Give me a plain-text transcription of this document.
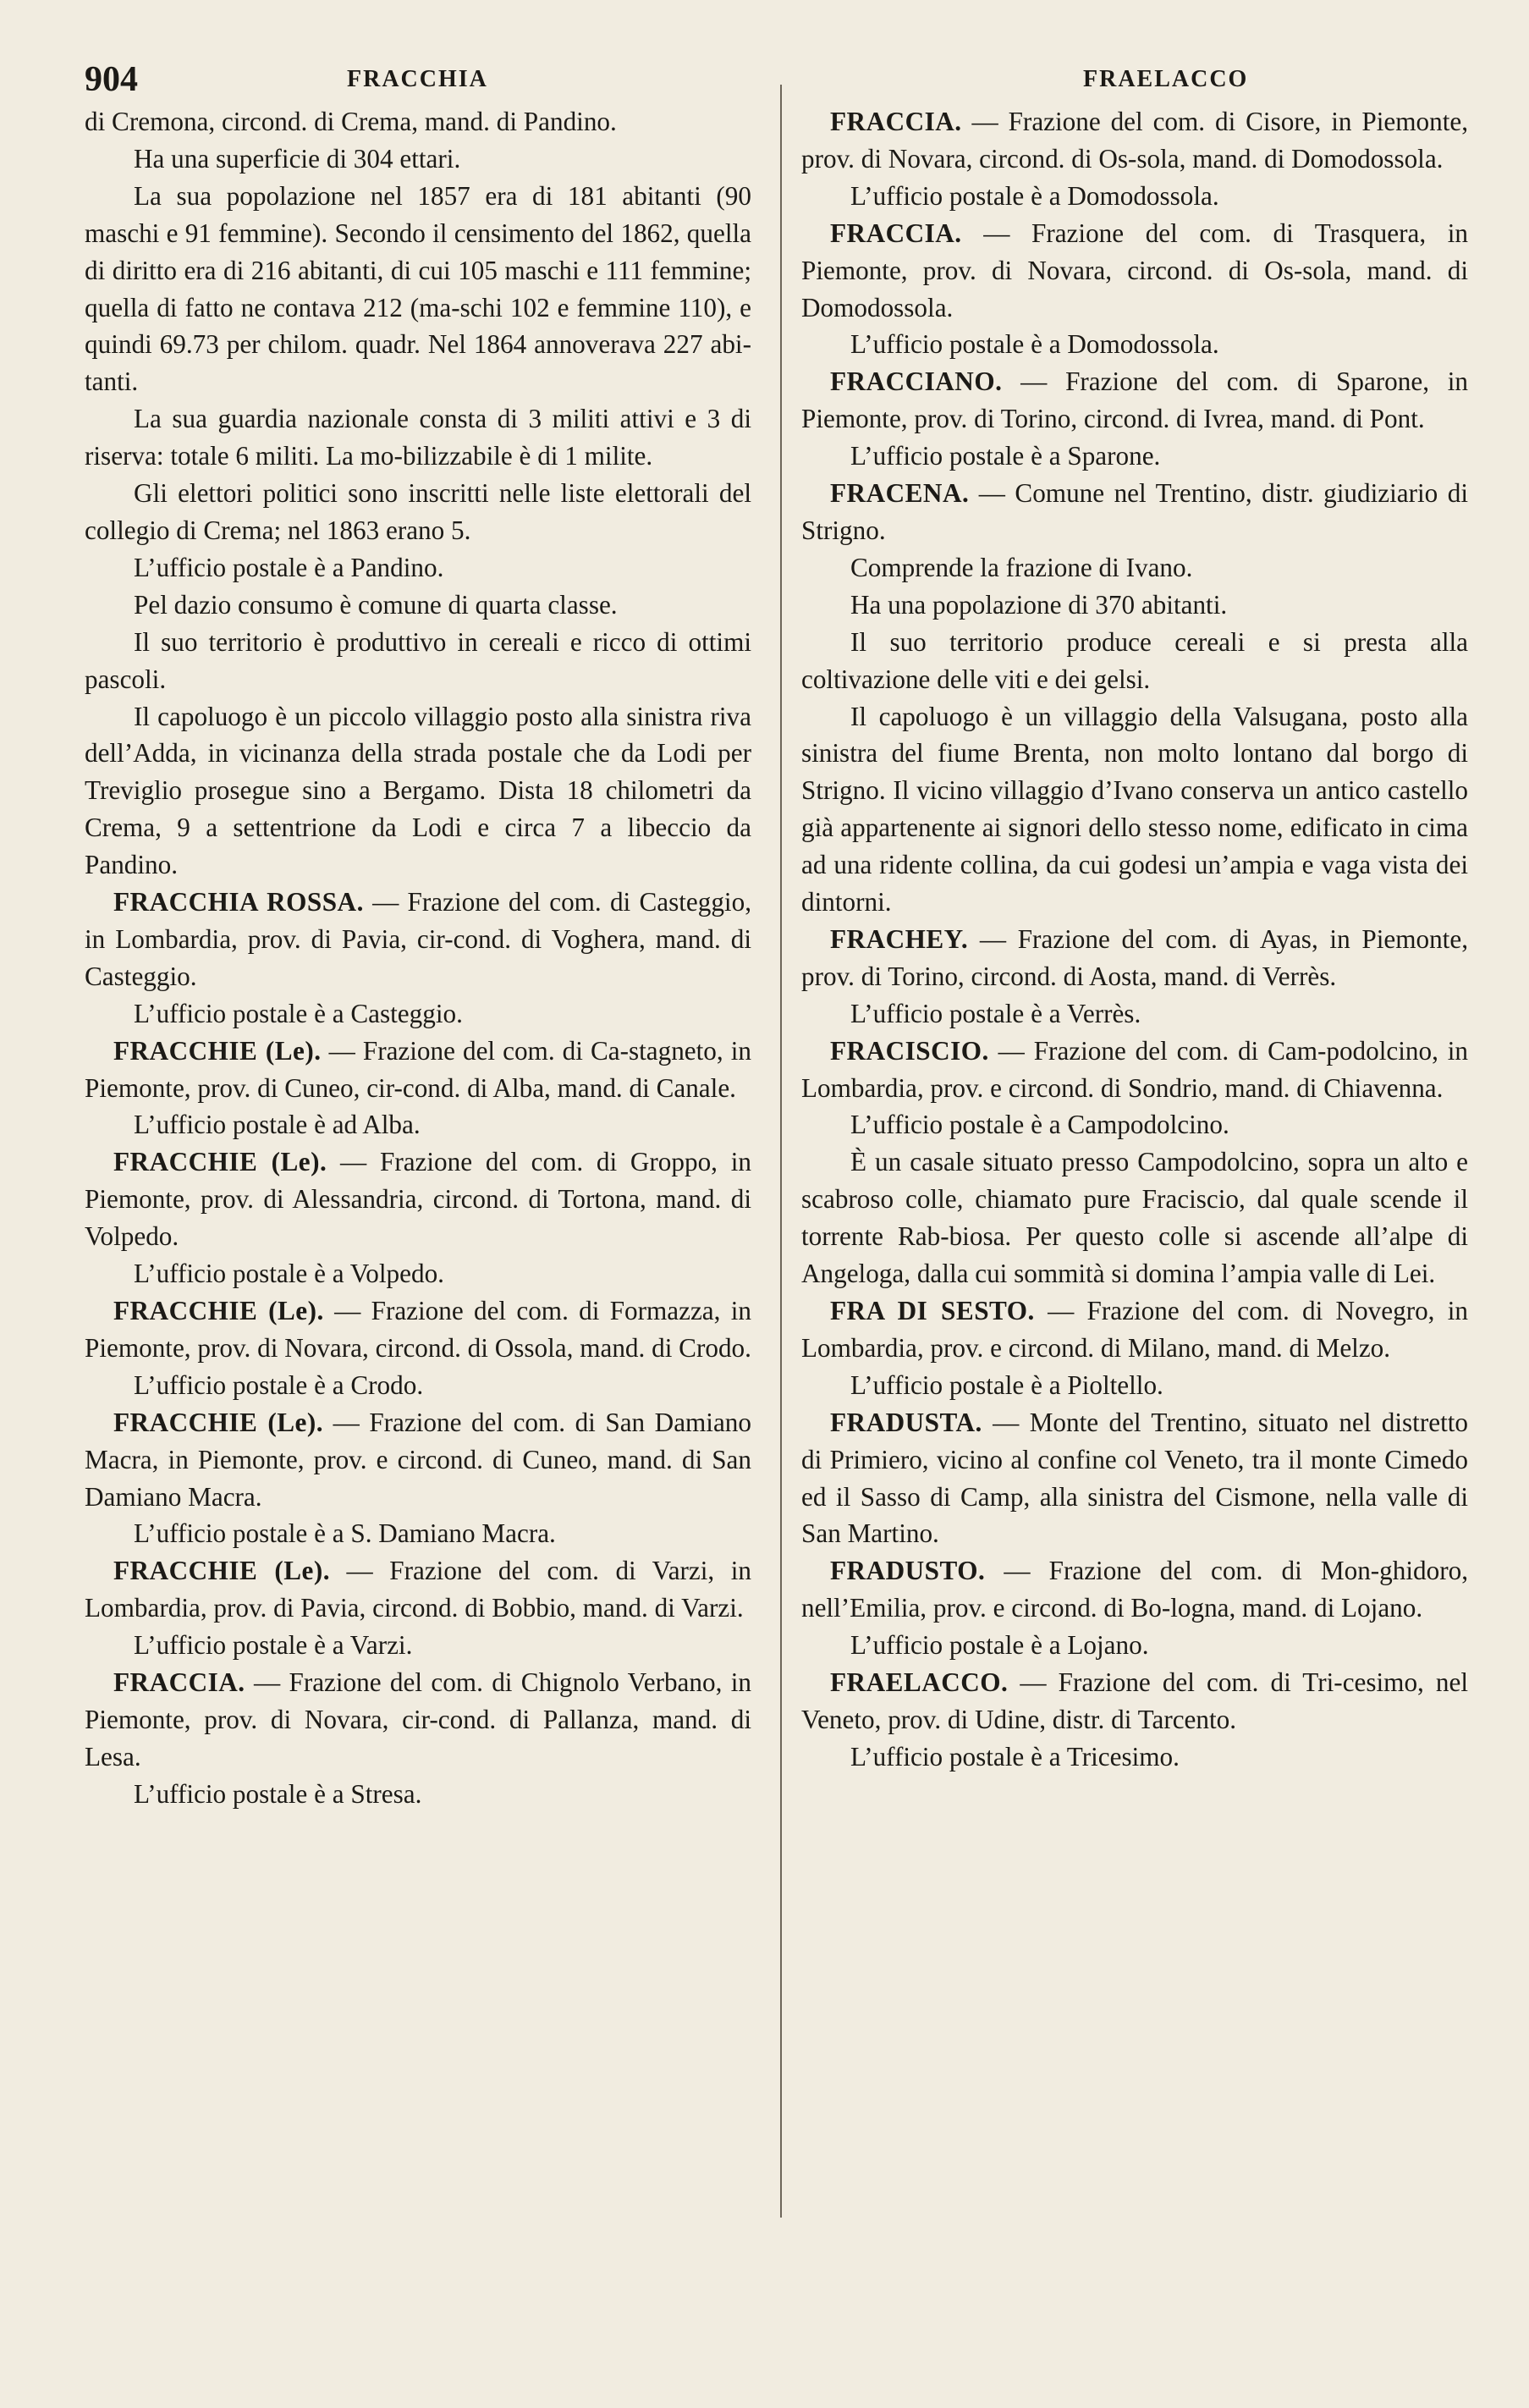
904	FRACCHIA	FRAELACCO

di Cremona, circond. di Crema, mand. di Pandino.

Ha una superficie di 304 ettari.

La sua popolazione nel 1857 era di 181 abitanti (90 maschi e 91 femmine). Secondo il censimento del 1862, quella di diritto era di 216 abitanti, di cui 105 maschi e 111 femmine; quella di fatto ne contava 212 (ma-schi 102 e femmine 110), e quindi 69.73 per chilom. quadr. Nel 1864 annoverava 227 abi-tanti.

La sua guardia nazionale consta di 3 militi attivi e 3 di riserva: totale 6 militi. La mo-bilizzabile è di 1 milite.

Gli elettori politici sono inscritti nelle liste elettorali del collegio di Crema; nel 1863 erano 5.

L’ufficio postale è a Pandino.

Pel dazio consumo è comune di quarta classe.

Il suo territorio è produttivo in cereali e ricco di ottimi pascoli.

Il capoluogo è un piccolo villaggio posto alla sinistra riva dell’Adda, in vicinanza della strada postale che da Lodi per Treviglio prosegue sino a Bergamo. Dista 18 chilometri da Crema, 9 a settentrione da Lodi e circa 7 a libeccio da Pandino.

FRACCHIA ROSSA. — Frazione del com. di Casteggio, in Lombardia, prov. di Pavia, cir-cond. di Voghera, mand. di Casteggio.

L’ufficio postale è a Casteggio.

FRACCHIE (Le). — Frazione del com. di Ca-stagneto, in Piemonte, prov. di Cuneo, cir-cond. di Alba, mand. di Canale.

L’ufficio postale è ad Alba.

FRACCHIE (Le). — Frazione del com. di Groppo, in Piemonte, prov. di Alessandria, circond. di Tortona, mand. di Volpedo.

L’ufficio postale è a Volpedo.

FRACCHIE (Le). — Frazione del com. di Formazza, in Piemonte, prov. di Novara, circond. di Ossola, mand. di Crodo.

L’ufficio postale è a Crodo.

FRACCHIE (Le). — Frazione del com. di San Damiano Macra, in Piemonte, prov. e circond. di Cuneo, mand. di San Damiano Macra.

L’ufficio postale è a S. Damiano Macra.

FRACCHIE (Le). — Frazione del com. di Varzi, in Lombardia, prov. di Pavia, circond. di Bobbio, mand. di Varzi.

L’ufficio postale è a Varzi.

FRACCIA. — Frazione del com. di Chignolo Verbano, in Piemonte, prov. di Novara, cir-cond. di Pallanza, mand. di Lesa.

L’ufficio postale è a Stresa.

FRACCIA. — Frazione del com. di Cisore, in Piemonte, prov. di Novara, circond. di Os-sola, mand. di Domodossola.

L’ufficio postale è a Domodossola.

FRACCIA. — Frazione del com. di Trasquera, in Piemonte, prov. di Novara, circond. di Os-sola, mand. di Domodossola.

L’ufficio postale è a Domodossola.

FRACCIANO. — Frazione del com. di Sparone, in Piemonte, prov. di Torino, circond. di Ivrea, mand. di Pont.

L’ufficio postale è a Sparone.

FRACENA. — Comune nel Trentino, distr. giudiziario di Strigno.

Comprende la frazione di Ivano.

Ha una popolazione di 370 abitanti.

Il suo territorio produce cereali e si presta alla coltivazione delle viti e dei gelsi.

Il capoluogo è un villaggio della Valsugana, posto alla sinistra del fiume Brenta, non molto lontano dal borgo di Strigno. Il vicino villaggio d’Ivano conserva un antico castello già appartenente ai signori dello stesso nome, edificato in cima ad una ridente collina, da cui godesi un’ampia e vaga vista dei dintorni.

FRACHEY. — Frazione del com. di Ayas, in Piemonte, prov. di Torino, circond. di Aosta, mand. di Verrès.

L’ufficio postale è a Verrès.

FRACISCIO. — Frazione del com. di Cam-podolcino, in Lombardia, prov. e circond. di Sondrio, mand. di Chiavenna.

L’ufficio postale è a Campodolcino.

È un casale situato presso Campodolcino, sopra un alto e scabroso colle, chiamato pure Fraciscio, dal quale scende il torrente Rab-biosa. Per questo colle si ascende all’alpe di Angeloga, dalla cui sommità si domina l’ampia valle di Lei.

FRA DI SESTO. — Frazione del com. di Novegro, in Lombardia, prov. e circond. di Milano, mand. di Melzo.

L’ufficio postale è a Pioltello.

FRADUSTA. — Monte del Trentino, situato nel distretto di Primiero, vicino al confine col Veneto, tra il monte Cimedo ed il Sasso di Camp, alla sinistra del Cismone, nella valle di San Martino.

FRADUSTO. — Frazione del com. di Mon-ghidoro, nell’Emilia, prov. e circond. di Bo-logna, mand. di Lojano.

L’ufficio postale è a Lojano.

FRAELACCO. — Frazione del com. di Tri-cesimo, nel Veneto, prov. di Udine, distr. di Tarcento.

L’ufficio postale è a Tricesimo.
